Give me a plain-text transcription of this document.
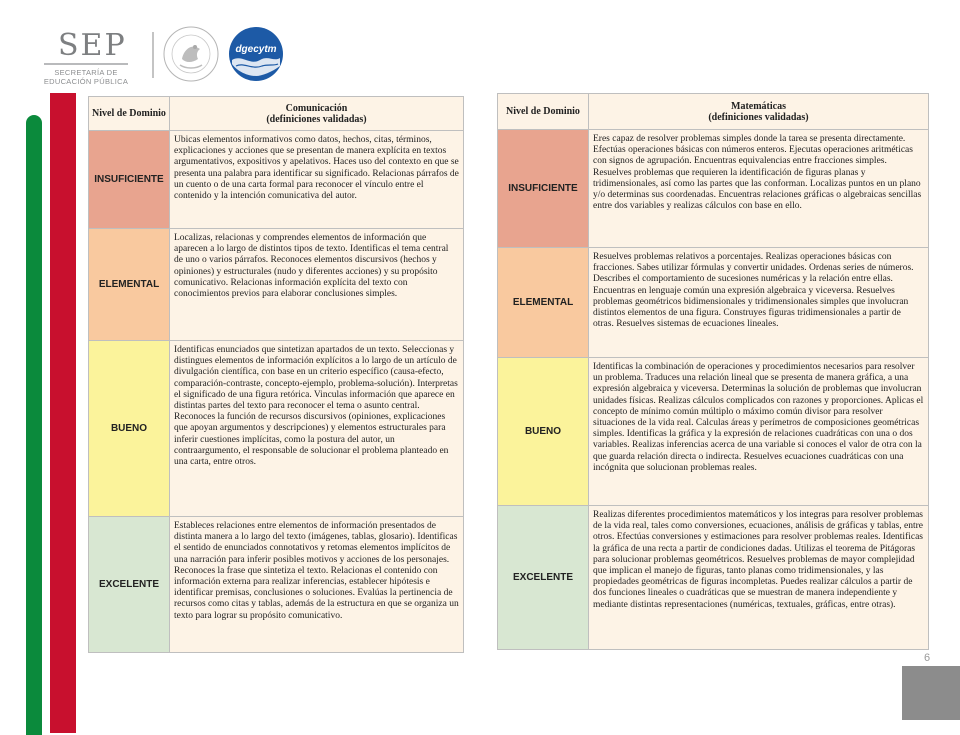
SEP
SECRETARÍA DE
EDUCACIÓN PÚBLICA
dgecytm
Nivel de Dominio	Comunicación
(definiciones validadas)

INSUFICIENTE	Ubicas elementos informativos como datos, hechos, citas, términos, explicaciones y acciones que se presentan de manera explícita en textos argumentativos, expositivos y apelativos. Haces uso del contexto en que se presenta una palabra para identificar su significado. Relacionas párrafos de un cuento o de una carta formal para reconocer el vínculo entre el contenido y la intención comunicativa del autor.
ELEMENTAL	Localizas, relacionas y comprendes elementos de información que aparecen a lo largo de distintos tipos de texto. Identificas el tema central de uno o varios párrafos. Reconoces elementos discursivos (hechos y opiniones) y estructurales (nudo y diferentes acciones) y su propósito comunicativo. Relacionas información explícita del texto con conocimientos previos para elaborar conclusiones simples.
BUENO	Identificas enunciados que sintetizan apartados de un texto. Seleccionas y distingues elementos de información explícitos a lo largo de un artículo de divulgación científica, con base en un criterio específico (causa-efecto, comparación-contraste, concepto-ejemplo, problema-solución). Interpretas el significado de una figura retórica. Vinculas información que aparece en distintas partes del texto para reconocer el tema o asunto central. Reconoces la función de recursos discursivos (opiniones, explicaciones que apoyan argumentos y descripciones) y elementos estructurales para inferir cuestiones implícitas, como la postura del autor, un contraargumento, el responsable de solucionar el problema planteado en una carta, entre otros.
EXCELENTE	Estableces relaciones entre elementos de información presentados de distinta manera a lo largo del texto (imágenes, tablas, glosario). Identificas el sentido de enunciados connotativos y retomas elementos implícitos de una narración para inferir posibles motivos y acciones de los personajes. Reconoces la frase que sintetiza el texto. Relacionas el contenido con información externa para realizar inferencias, establecer hipótesis e identificar premisas, conclusiones o soluciones. Evalúas la pertinencia de recursos como citas y tablas, además de la estructura en que se organiza un texto para lograr su propósito comunicativo.
Nivel de Dominio	Matemáticas
(definiciones validadas)

INSUFICIENTE	Eres capaz de resolver problemas simples donde la tarea se presenta directamente. Efectúas operaciones básicas con números enteros. Ejecutas operaciones aritméticas con signos de agrupación. Encuentras equivalencias entre fracciones simples. Resuelves problemas que requieren la identificación de figuras planas y tridimensionales, así como las partes que las conforman. Localizas puntos en un plano y/o determinas sus coordenadas. Encuentras relaciones gráficas o algebraicas sencillas entre dos variables y realizas cálculos con base en ello.
ELEMENTAL	Resuelves problemas relativos a porcentajes. Realizas operaciones básicas con fracciones. Sabes utilizar fórmulas y convertir unidades. Ordenas series de números. Describes el comportamiento de sucesiones numéricas y la relación entre ellas. Encuentras en lenguaje común una expresión algebraica y viceversa. Resuelves problemas geométricos bidimensionales y tridimensionales simples que involucran distintos elementos de una figura. Construyes figuras tridimensionales a partir de otras. Resuelves sistemas de ecuaciones lineales.
BUENO	Identificas la combinación de operaciones y procedimientos necesarios para resolver un problema. Traduces una relación lineal que se presenta de manera gráfica, a una expresión algebraica y viceversa. Determinas la solución de problemas que involucran unidades físicas. Realizas cálculos complicados con razones y proporciones. Aplicas el concepto de mínimo común múltiplo o máximo común divisor para resolver situaciones de la vida real. Calculas áreas y perímetros de composiciones geométricas simples. Identificas la gráfica y la expresión de relaciones cuadráticas con una o dos variables. Realizas inferencias acerca de una variable si conoces el valor de otra con la que guarda relación directa o indirecta. Resuelves ecuaciones cuadráticas con una incógnita que solucionan problemas reales.
EXCELENTE	Realizas diferentes procedimientos matemáticos y los integras para resolver problemas de la vida real, tales como conversiones, ecuaciones, análisis de gráficas y tablas, entre otros. Efectúas conversiones y estimaciones para resolver problemas reales. Identificas la gráfica de una recta a partir de condiciones dadas. Utilizas el teorema de Pitágoras para solucionar problemas geométricos. Resuelves problemas de mayor complejidad que implican el manejo de figuras, tanto planas como tridimensionales, y las propiedades geométricas de figuras incompletas. Puedes realizar cálculos a partir de dos funciones lineales o cuadráticas que se muestran de manera independiente y mediante distintas representaciones (numéricas, textuales, gráficas, entre otras).
6
